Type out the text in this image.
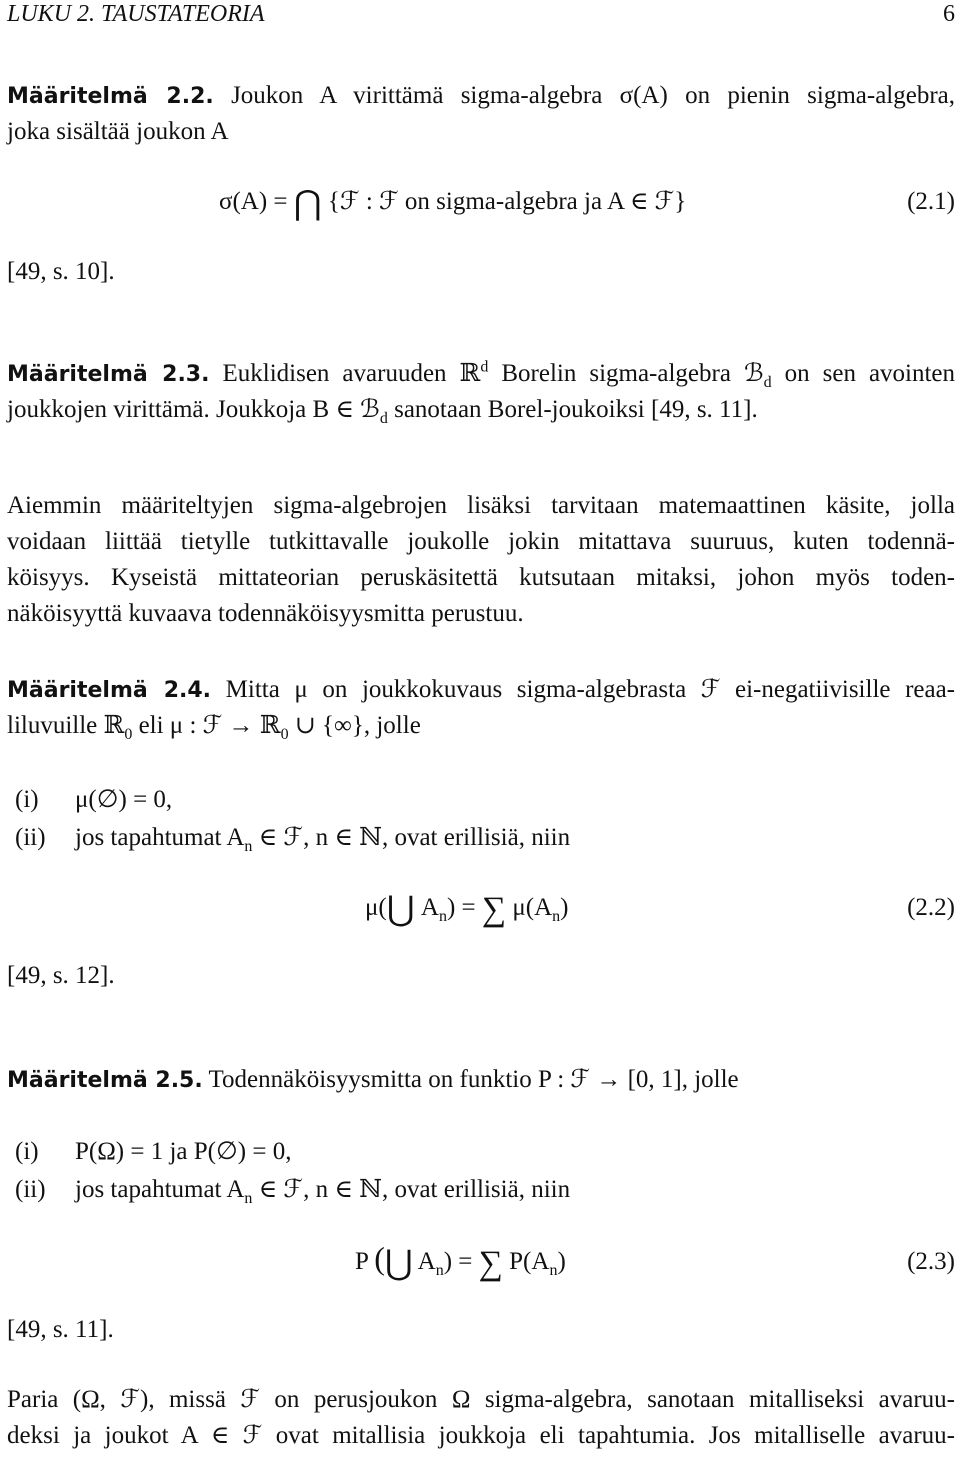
LUKU 2. TAUSTATEORIA	6
Määritelmä 2.2. Joukon A virittämä sigma-algebra σ(A) on pienin sigma-algebra,
joka sisältää joukon A
σ(A) = ⋂ {ℱ : ℱ on sigma-algebra ja A ∈ ℱ}	(2.1)
[49, s. 10].
Määritelmä 2.3. Euklidisen avaruuden ℝ$^d$ Borelin sigma-algebra ℬ$_d$ on sen avointen
joukkojen virittämä. Joukkoja B ∈ ℬ$_d$ sanotaan Borel-joukoiksi [49, s. 11].
Aiemmin määriteltyjen sigma-algebrojen lisäksi tarvitaan matemaattinen käsite, jolla
voidaan liittää tietylle tutkittavalle joukolle jokin mitattava suuruus, kuten todennä-
köisyys. Kyseistä mittateorian peruskäsitettä kutsutaan mitaksi, johon myös toden-
näköisyyttä kuvaava todennäköisyysmitta perustuu.
Määritelmä 2.4. Mitta μ on joukkokuvaus sigma-algebrasta ℱ ei-negatiivisille reaa-
liluvuille ℝ$_0$ eli μ : ℱ → ℝ$_0$ ∪ {∞}, jolle
(i) μ(∅) = 0,
(ii) jos tapahtumat $A_n$ ∈ ℱ, n ∈ ℕ, ovat erillisiä, niin
μ(⋃ $A_n$) = ∑ $\mu(A_n)$	(2.2)
[49, s. 12].
Määritelmä 2.5. Todennäköisyysmitta on funktio P : ℱ → [0, 1], jolle
(i) P(Ω) = 1 ja P(∅) = 0,
(ii) jos tapahtumat $A_n$ ∈ ℱ, n ∈ ℕ, ovat erillisiä, niin
P (⋃ $A_n$) = ∑ $P(A_n)$	(2.3)
[49, s. 11].
Paria (Ω, ℱ), missä ℱ on perusjoukon Ω sigma-algebra, sanotaan mitalliseksi avaruu-
deksi ja joukot A ∈ ℱ ovat mitallisia joukkoja eli tapahtumia. Jos mitalliselle avaruu-
